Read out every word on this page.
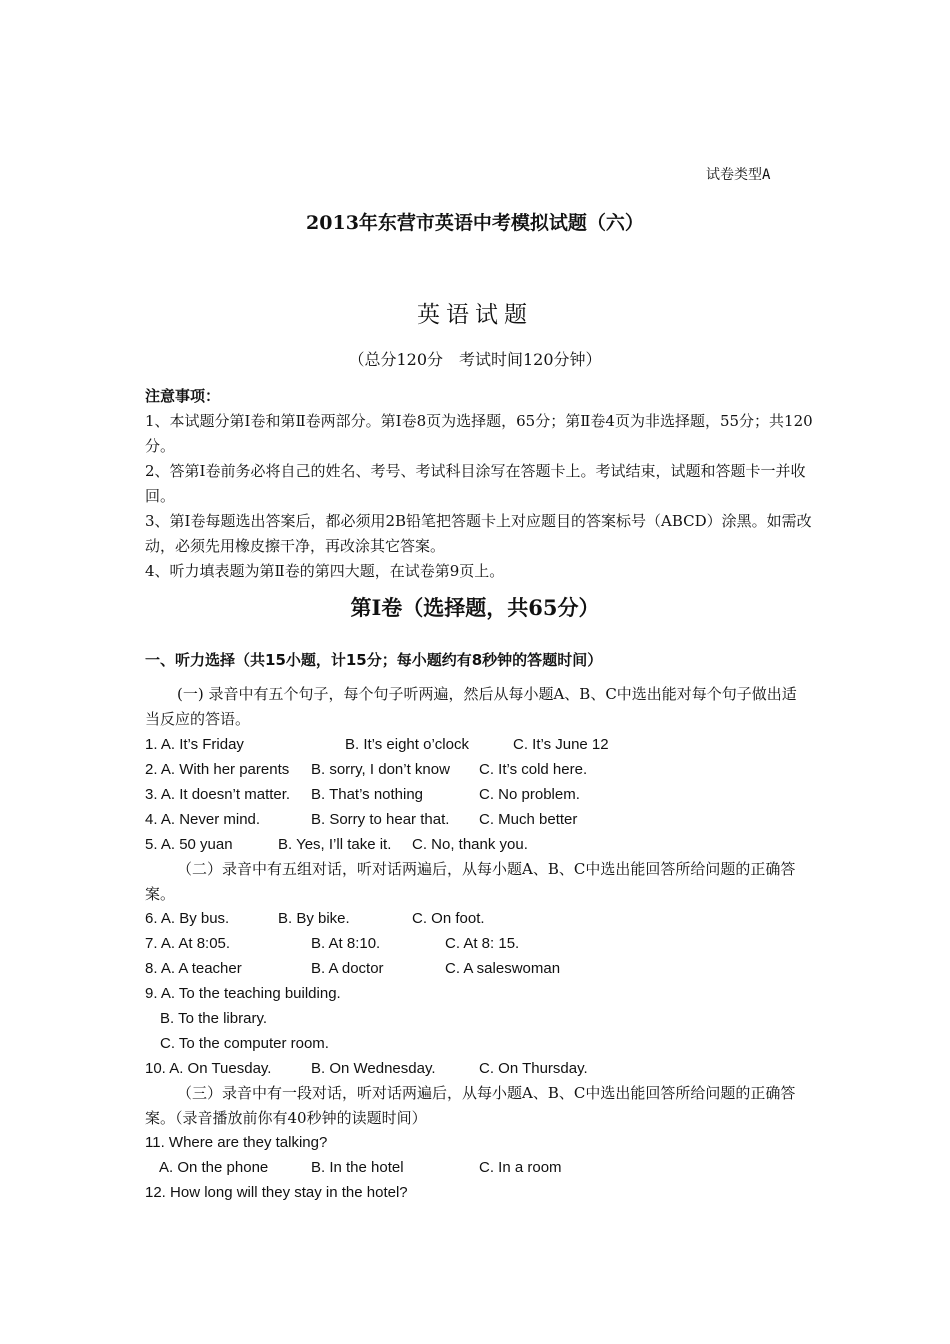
试卷类型A
2013年东营市英语中考模拟试题（六）
英语试题
（总分120分　考试时间120分钟）
注意事项：
1、本试题分第Ⅰ卷和第Ⅱ卷两部分。第Ⅰ卷8页为选择题，65分；第Ⅱ卷4页为非选择题，55分；共120分。
2、答第Ⅰ卷前务必将自己的姓名、考号、考试科目涂写在答题卡上。考试结束，试题和答题卡一并收回。
3、第Ⅰ卷每题选出答案后，都必须用2B铅笔把答题卡上对应题目的答案标号（ABCD）涂黑。如需改动，必须先用橡皮擦干净，再改涂其它答案。
4、听力填表题为第Ⅱ卷的第四大题，在试卷第9页上。
第Ⅰ卷（选择题，共65分）
一、听力选择（共15小题，计15分；每小题约有8秒钟的答题时间）
(一) 录音中有五个句子，每个句子听两遍，然后从每小题A、B、C中选出能对每个句子做出适当反应的答语。
1. A. It’s Friday	B. It’s eight o’clock	C. It’s June 12
2. A. With her parents B. sorry, I don’t know C. It’s cold here.
3. A. It doesn’t matter. B. That’s nothing	C. No problem.
4. A. Never mind.	B. Sorry to hear that. C. Much better
5. A. 50 yuan	B. Yes, I’ll take it. C. No, thank you.
（二）录音中有五组对话，听对话两遍后，从每小题A、B、C中选出能回答所给问题的正确答案。
6. A. By bus.	B. By bike.	C. On foot.
7. A. At 8:05.	B. At 8:10.	C. At 8: 15.
8. A. A teacher	B. A doctor	C. A saleswoman
9. A. To the teaching building.
B. To the library.
C. To the computer room.
10. A. On Tuesday.	B. On Wednesday.	C. On Thursday.
（三）录音中有一段对话，听对话两遍后，从每小题A、B、C中选出能回答所给问题的正确答案。（录音播放前你有40秒钟的读题时间）
11. Where are they talking?
A. On the phone	B. In the hotel	C. In a room
12. How long will they stay in the hotel?
